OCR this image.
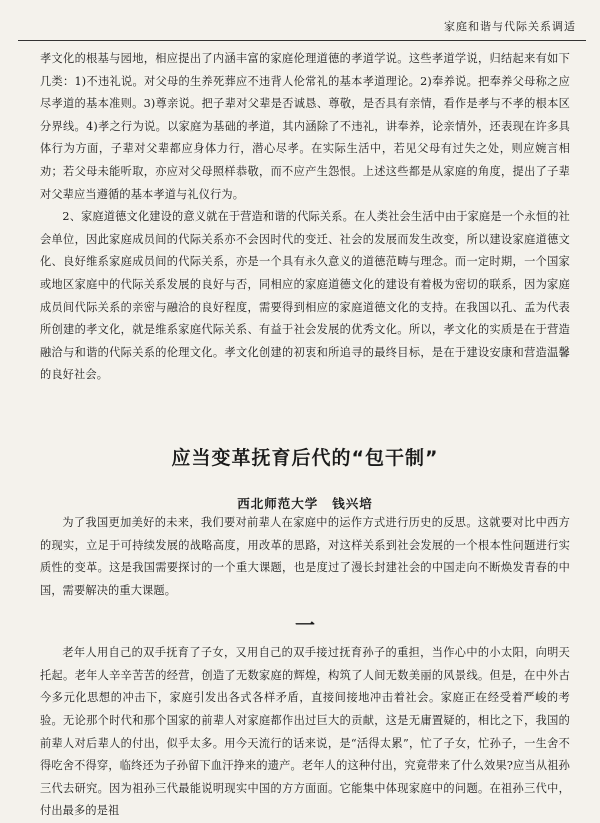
家庭和谐与代际关系调适

孝文化的根基与园地，相应提出了内涵丰富的家庭伦理道德的孝道学说。这些孝道学说，归结起来有如下几类：1)不违礼说。对父母的生养死葬应不违背人伦常礼的基本孝道理论。2)奉养说。把奉养父母称之应尽孝道的基本准则。3)尊亲说。把子辈对父辈是否诚恳、尊敬，是否具有亲情，看作是孝与不孝的根本区分界线。4)孝之行为说。以家庭为基础的孝道，其内涵除了不违礼，讲奉养，论亲情外，还表现在许多具体行为方面，子辈对父辈都应身体力行，潜心尽孝。在实际生活中，若见父母有过失之处，则应婉言相劝；若父母未能听取，亦应对父母照样恭敬，而不应产生怨恨。上述这些都是从家庭的角度，提出了子辈对父辈应当遵循的基本孝道与礼仪行为。

2、家庭道德文化建设的意义就在于营造和谐的代际关系。在人类社会生活中由于家庭是一个永恒的社会单位，因此家庭成员间的代际关系亦不会因时代的变迁、社会的发展而发生改变，所以建设家庭道德文化、良好维系家庭成员间的代际关系，亦是一个具有永久意义的道德范畴与理念。而一定时期，一个国家或地区家庭中的代际关系发展的良好与否，同相应的家庭道德文化的建设有着极为密切的联系，因为家庭成员间代际关系的亲密与融洽的良好程度，需要得到相应的家庭道德文化的支持。在我国以孔、孟为代表所创建的孝文化，就是维系家庭代际关系、有益于社会发展的优秀文化。所以，孝文化的实质是在于营造融洽与和谐的代际关系的伦理文化。孝文化创建的初衷和所追寻的最终目标，是在于建设安康和营造温馨的良好社会。

应当变革抚育后代的“包干制”
西北师范大学 钱兴培

为了我国更加美好的未来，我们要对前辈人在家庭中的运作方式进行历史的反思。这就要对比中西方的现实，立足于可持续发展的战略高度，用改革的思路，对这样关系到社会发展的一个根本性问题进行实质性的变革。这是我国需要探讨的一个重大课题，也是度过了漫长封建社会的中国走向不断焕发青春的中国，需要解决的重大课题。

一

老年人用自己的双手抚育了子女，又用自己的双手接过抚育孙子的重担，当作心中的小太阳，向明天托起。老年人辛辛苦苦的经营，创造了无数家庭的辉煌，构筑了人间无数美丽的风景线。但是，在中外古今多元化思想的冲击下，家庭引发出各式各样矛盾，直接间接地冲击着社会。家庭正在经受着严峻的考验。无论那个时代和那个国家的前辈人对家庭都作出过巨大的贡献，这是无庸置疑的，相比之下，我国的前辈人对后辈人的付出，似乎太多。用今天流行的话来说，是“活得太累”，忙了子女，忙孙子，一生舍不得吃舍不得穿，临终还为子孙留下血汗挣来的遗产。老年人的这种付出，究竟带来了什么效果?应当从祖孙三代去研究。因为祖孙三代最能说明现实中国的方方面面。它能集中体现家庭中的问题。在祖孙三代中，付出最多的是祖
